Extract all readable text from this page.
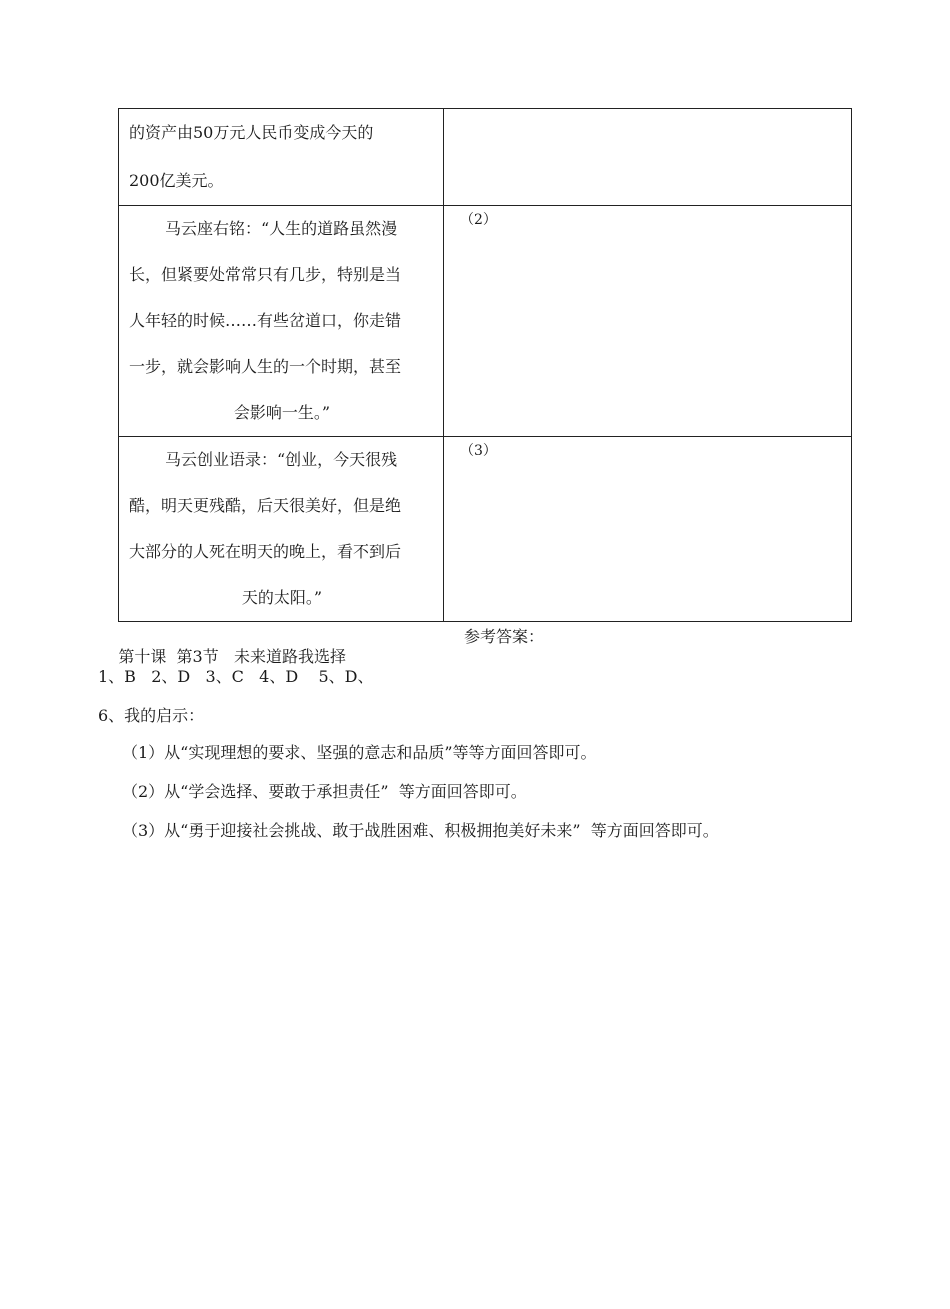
的资产由50万元人民币变成今天的
200亿美元。	

马云座右铭：“人生的道路虽然漫
长，但紧要处常常只有几步，特别是当
人年轻的时候……有些岔道口，你走错
一步，就会影响人生的一个时期，甚至
会影响一生。”	（2）

马云创业语录：“创业，今天很残
酷，明天更残酷，后天很美好，但是绝
大部分的人死在明天的晚上，看不到后
天的太阳。”	（3）

第十课  第3节   未来道路我选择

参考答案：

1、B   2、D   3、C   4、D    5、D、
6、我的启示：
（1）从“实现理想的要求、坚强的意志和品质”等等方面回答即可。
（2）从“学会选择、要敢于承担责任”  等方面回答即可。
（3）从“勇于迎接社会挑战、敢于战胜困难、积极拥抱美好未来”  等方面回答即可。
